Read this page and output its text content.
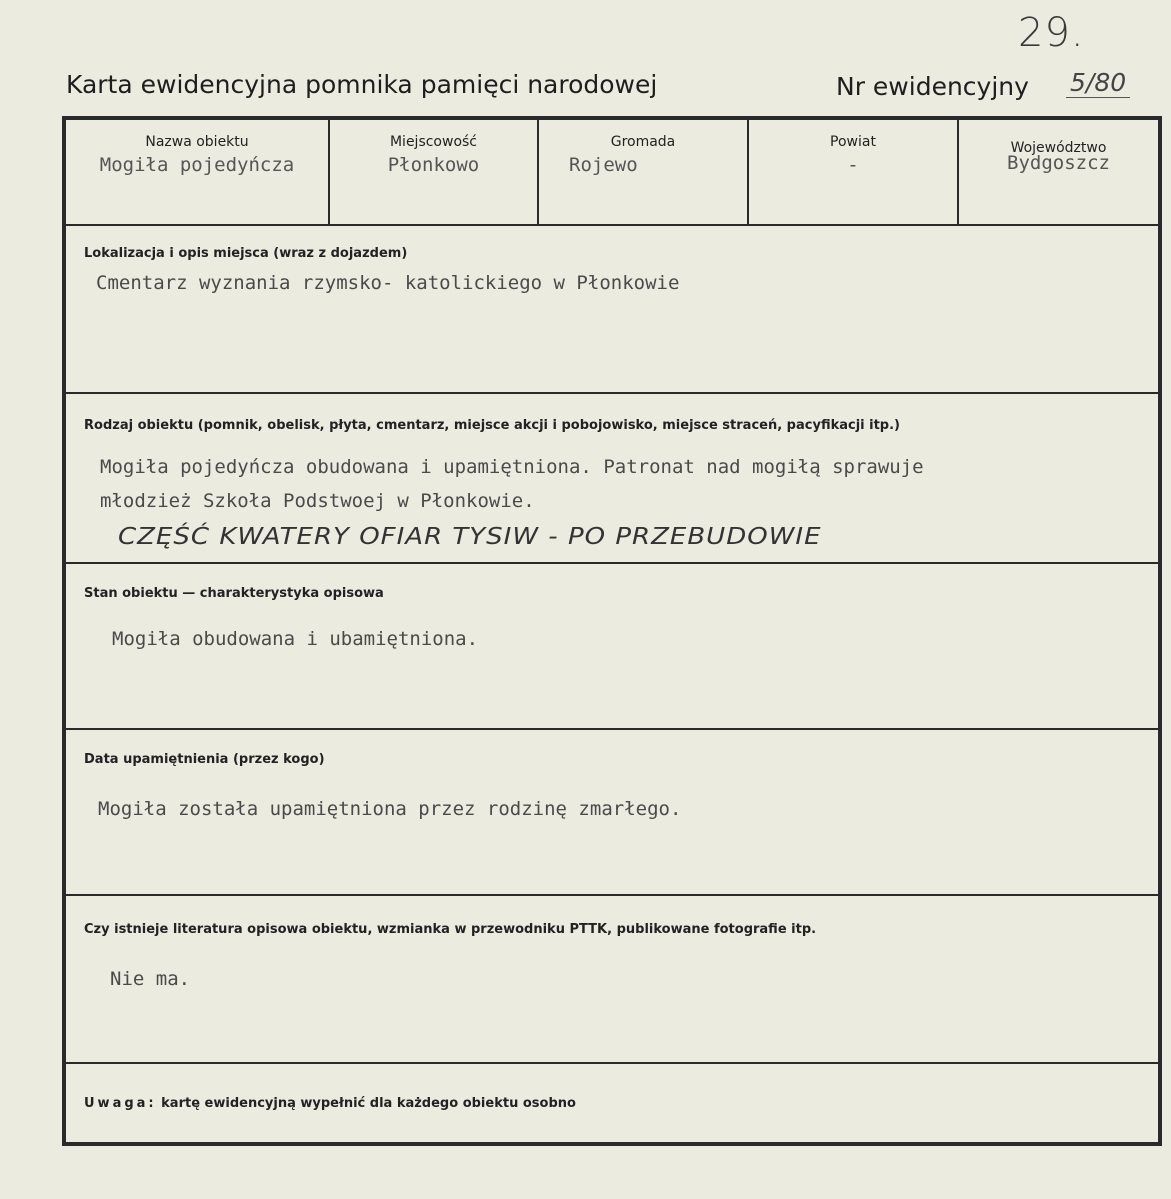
29.
Karta ewidencyjna pomnika pamięci narodowej	Nr ewidencyjny 5/80
Nazwa obiektu
Mogiła pojedyńcza
Miejscowość
Płonkowo
Gromada
Rojewo
Powiat
-
Województwo
Bydgoszcz
Lokalizacja i opis miejsca (wraz z dojazdem)
Cmentarz wyznania rzymsko- katolickiego w Płonkowie
Rodzaj obiektu (pomnik, obelisk, płyta, cmentarz, miejsce akcji i pobojowisko, miejsce straceń, pacyfikacji itp.)
Mogiła pojedyńcza obudowana i upamiętniona. Patronat nad mogiłą sprawuje
młodzież Szkoła Podstwoej w Płonkowie.
CZĘŚĆ KWATERY OFIAR TYSIW - PO PRZEBUDOWIE
Stan obiektu — charakterystyka opisowa
Mogiła obudowana i ubamiętniona.
Data upamiętnienia (przez kogo)
Mogiła została upamiętniona przez rodzinę zmarłego.
Czy istnieje literatura opisowa obiektu, wzmianka w przewodniku PTTK, publikowane fotografie itp.
Nie ma.
Uwaga: kartę ewidencyjną wypełnić dla każdego obiektu osobno
